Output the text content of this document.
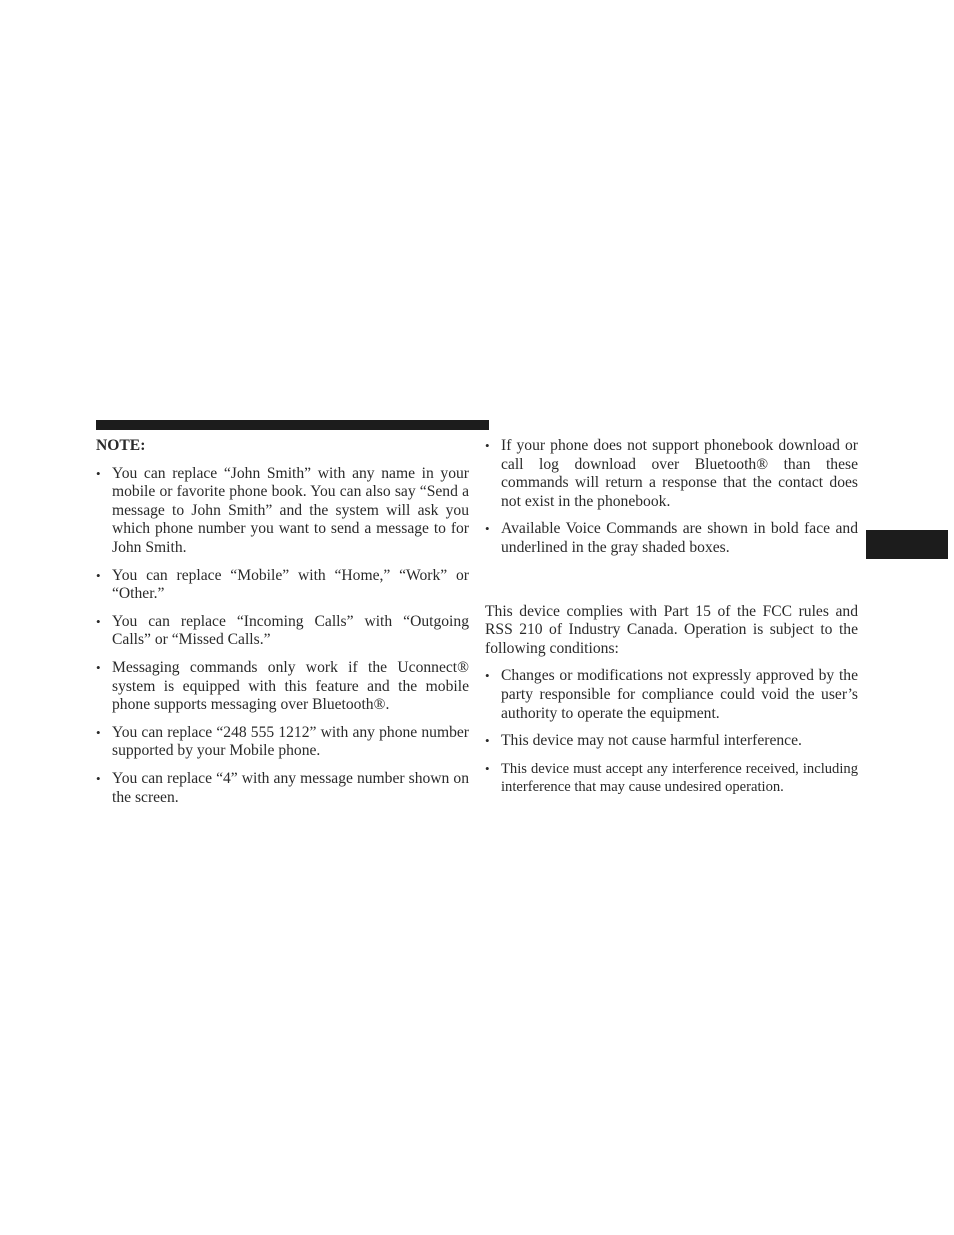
NOTE:

• You can replace “John Smith” with any name in your mobile or favorite phone book. You can also say “Send a message to John Smith” and the system will ask you which phone number you want to send a message to for John Smith.
• You can replace “Mobile” with “Home,” “Work” or “Other.”
• You can replace “Incoming Calls” with “Outgoing Calls” or “Missed Calls.”
• Messaging commands only work if the Uconnect® system is equipped with this feature and the mobile phone supports messaging over Bluetooth®.
• You can replace “248 555 1212” with any phone number supported by your Mobile phone.
• You can replace “4” with any message number shown on the screen.
• If your phone does not support phonebook download or call log download over Bluetooth® than these commands will return a response that the contact does not exist in the phonebook.
• Available Voice Commands are shown in bold face and underlined in the gray shaded boxes.

This device complies with Part 15 of the FCC rules and RSS 210 of Industry Canada. Operation is subject to the following conditions:

• Changes or modifications not expressly approved by the party responsible for compliance could void the user’s authority to operate the equipment.
• This device may not cause harmful interference.
• This device must accept any interference received, including interference that may cause undesired operation.
